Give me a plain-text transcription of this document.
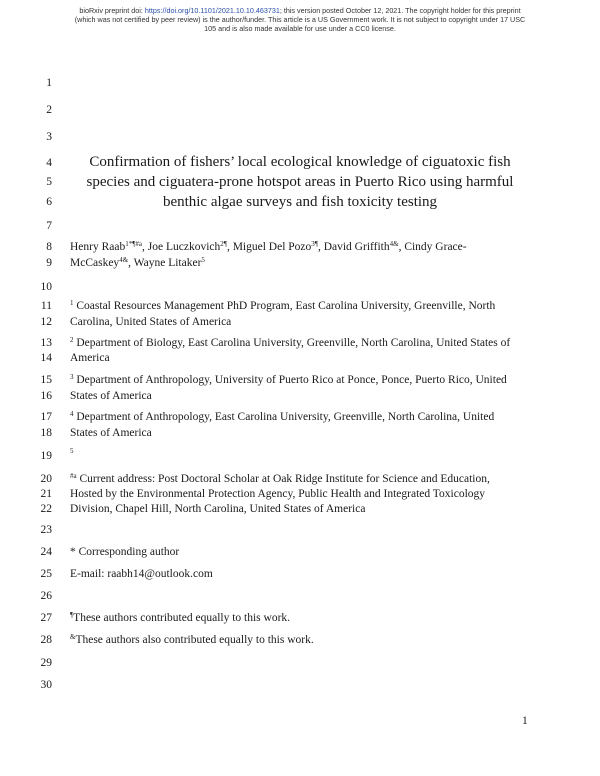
bioRxiv preprint doi: https://doi.org/10.1101/2021.10.10.463731; this version posted October 12, 2021. The copyright holder for this preprint
(which was not certified by peer review) is the author/funder. This article is a US Government work. It is not subject to copyright under 17 USC
105 and is also made available for use under a CC0 license.
1
2
3
4
5
6
7
8
9
10
11
12
13
14
15
16
17
18
19
20
21
22
23
24
25
26
27
28
29
30
Confirmation of fishers’ local ecological knowledge of ciguatoxic fish
species and ciguatera-prone hotspot areas in Puerto Rico using harmful
benthic algae surveys and fish toxicity testing
Henry Raab$^{1*\P\#a}$, Joe Luczkovich$^{2\P}$, Miguel Del Pozo$^{3\P}$, David Griffith$^{4\&}$, Cindy Grace-
McCaskey$^{4\&}$, Wayne Litaker$^5$
$^1$ Coastal Resources Management PhD Program, East Carolina University, Greenville, North
Carolina, United States of America
$^2$ Department of Biology, East Carolina University, Greenville, North Carolina, United States of
America
$^3$ Department of Anthropology, University of Puerto Rico at Ponce, Ponce, Puerto Rico, United
States of America
$^4$ Department of Anthropology, East Carolina University, Greenville, North Carolina, United
States of America
$^5$
$^{\#a}$ Current address: Post Doctoral Scholar at Oak Ridge Institute for Science and Education,
Hosted by the Environmental Protection Agency, Public Health and Integrated Toxicology
Division, Chapel Hill, North Carolina, United States of America
* Corresponding author
E-mail: raabh14@outlook.com
¶These authors contributed equally to this work.
&These authors also contributed equally to this work.
1
